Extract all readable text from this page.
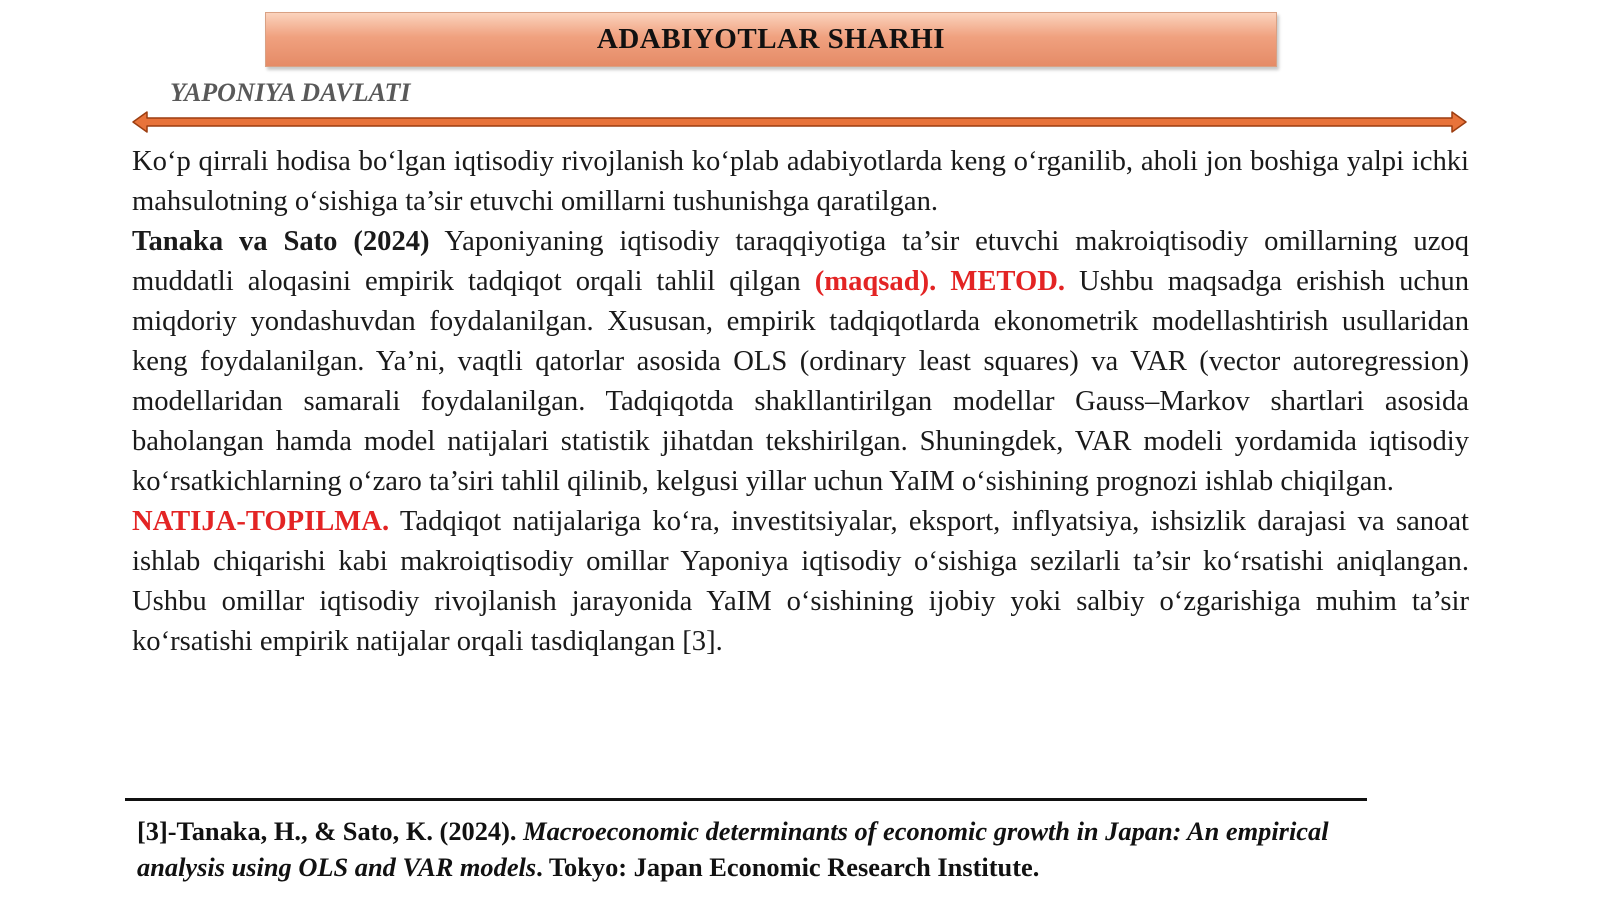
ADABIYOTLAR SHARHI
YAPONIYA DAVLATI

Ko‘p qirrali hodisa bo‘lgan iqtisodiy rivojlanish ko‘plab adabiyotlarda keng o‘rganilib, aholi jon boshiga yalpi ichki mahsulotning o‘sishiga ta’sir etuvchi omillarni tushunishga qaratilgan.

Tanaka va Sato (2024) Yaponiyaning iqtisodiy taraqqiyotiga ta’sir etuvchi makroiqtisodiy omillarning uzoq muddatli aloqasini empirik tadqiqot orqali tahlil qilgan (maqsad). METOD. Ushbu maqsadga erishish uchun miqdoriy yondashuvdan foydalanilgan. Xususan, empirik tadqiqotlarda ekonometrik modellashtirish usullaridan keng foydalanilgan. Ya’ni, vaqtli qatorlar asosida OLS (ordinary least squares) va VAR (vector autoregression) modellaridan samarali foydalanilgan. Tadqiqotda shakllantirilgan modellar Gauss–Markov shartlari asosida baholangan hamda model natijalari statistik jihatdan tekshirilgan. Shuningdek, VAR modeli yordamida iqtisodiy ko‘rsatkichlarning o‘zaro ta’siri tahlil qilinib, kelgusi yillar uchun YaIM o‘sishining prognozi ishlab chiqilgan.

NATIJA-TOPILMA. Tadqiqot natijalariga ko‘ra, investitsiyalar, eksport, inflyatsiya, ishsizlik darajasi va sanoat ishlab chiqarishi kabi makroiqtisodiy omillar Yaponiya iqtisodiy o‘sishiga sezilarli ta’sir ko‘rsatishi aniqlangan. Ushbu omillar iqtisodiy rivojlanish jarayonida YaIM o‘sishining ijobiy yoki salbiy o‘zgarishiga muhim ta’sir ko‘rsatishi empirik natijalar orqali tasdiqlangan [3].

[3]-Tanaka, H., & Sato, K. (2024). Macroeconomic determinants of economic growth in Japan: An empirical analysis using OLS and VAR models. Tokyo: Japan Economic Research Institute.
